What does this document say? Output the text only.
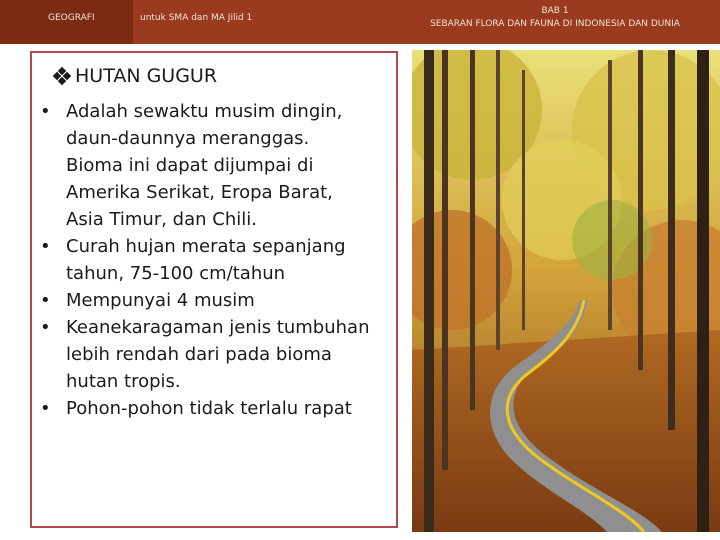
GEOGRAFI	untuk SMA dan MA Jilid 1
BAB 1
SEBARAN FLORA DAN FAUNA DI INDONESIA DAN DUNIA
HUTAN GUGUR
• Adalah sewaktu musim dingin,
daun-daunnya meranggas.
Bioma ini dapat dijumpai di
Amerika Serikat, Eropa Barat,
Asia Timur, dan Chili.
• Curah hujan merata sepanjang
tahun, 75-100 cm/tahun
• Mempunyai 4 musim
• Keanekaragaman jenis tumbuhan
lebih rendah dari pada bioma
hutan tropis.
• Pohon-pohon tidak terlalu rapat
